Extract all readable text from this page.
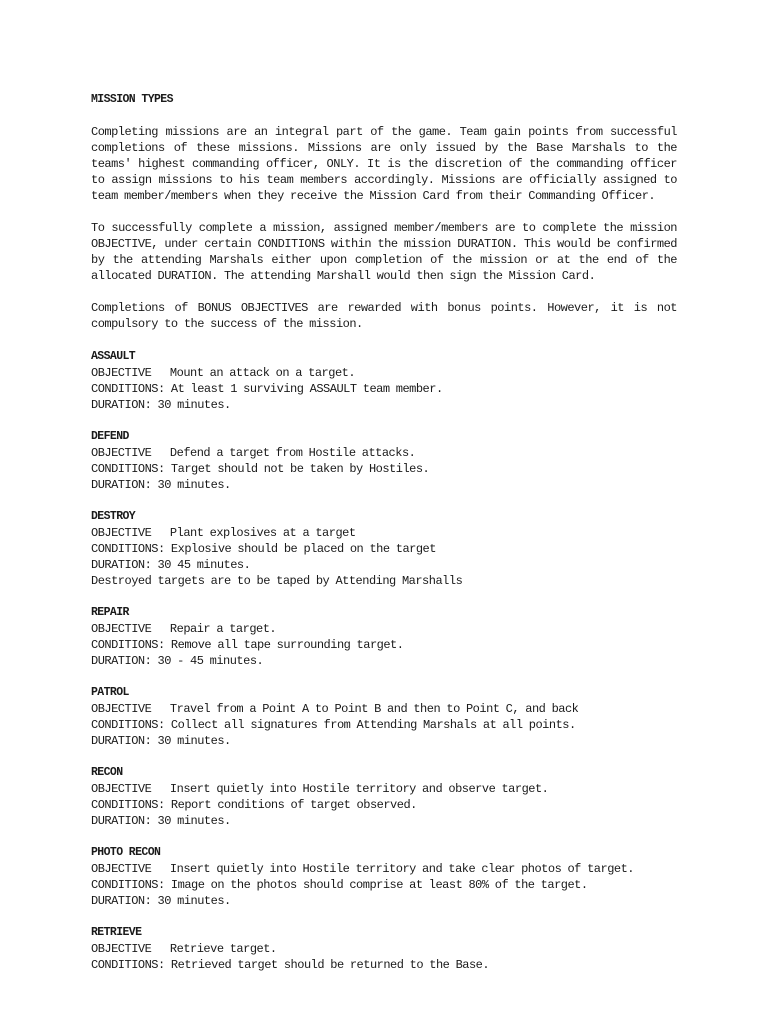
MISSION TYPES
Completing missions are an integral part of the game. Team gain points from successful completions of these missions. Missions are only issued by the Base Marshals to the teams' highest commanding officer, ONLY. It is the discretion of the commanding officer to assign missions to his team members accordingly. Missions are officially assigned to team member/members when they receive the Mission Card from their Commanding Officer.
To successfully complete a mission, assigned member/members are to complete the mission OBJECTIVE, under certain CONDITIONS within the mission DURATION. This would be confirmed by the attending Marshals either upon completion of the mission or at the end of the allocated DURATION. The attending Marshall would then sign the Mission Card.
Completions of BONUS OBJECTIVES are rewarded with bonus points. However, it is not compulsory to the success of the mission.
ASSAULT
OBJECTIVE   Mount an attack on a target.
CONDITIONS: At least 1 surviving ASSAULT team member.
DURATION: 30 minutes.
DEFEND
OBJECTIVE   Defend a target from Hostile attacks.
CONDITIONS: Target should not be taken by Hostiles.
DURATION: 30 minutes.
DESTROY
OBJECTIVE   Plant explosives at a target
CONDITIONS: Explosive should be placed on the target
DURATION: 30 45 minutes.
Destroyed targets are to be taped by Attending Marshalls
REPAIR
OBJECTIVE   Repair a target.
CONDITIONS: Remove all tape surrounding target.
DURATION: 30 - 45 minutes.
PATROL
OBJECTIVE   Travel from a Point A to Point B and then to Point C, and back
CONDITIONS: Collect all signatures from Attending Marshals at all points.
DURATION: 30 minutes.
RECON
OBJECTIVE   Insert quietly into Hostile territory and observe target.
CONDITIONS: Report conditions of target observed.
DURATION: 30 minutes.
PHOTO RECON
OBJECTIVE   Insert quietly into Hostile territory and take clear photos of target.
CONDITIONS: Image on the photos should comprise at least 80% of the target.
DURATION: 30 minutes.
RETRIEVE
OBJECTIVE   Retrieve target.
CONDITIONS: Retrieved target should be returned to the Base.
